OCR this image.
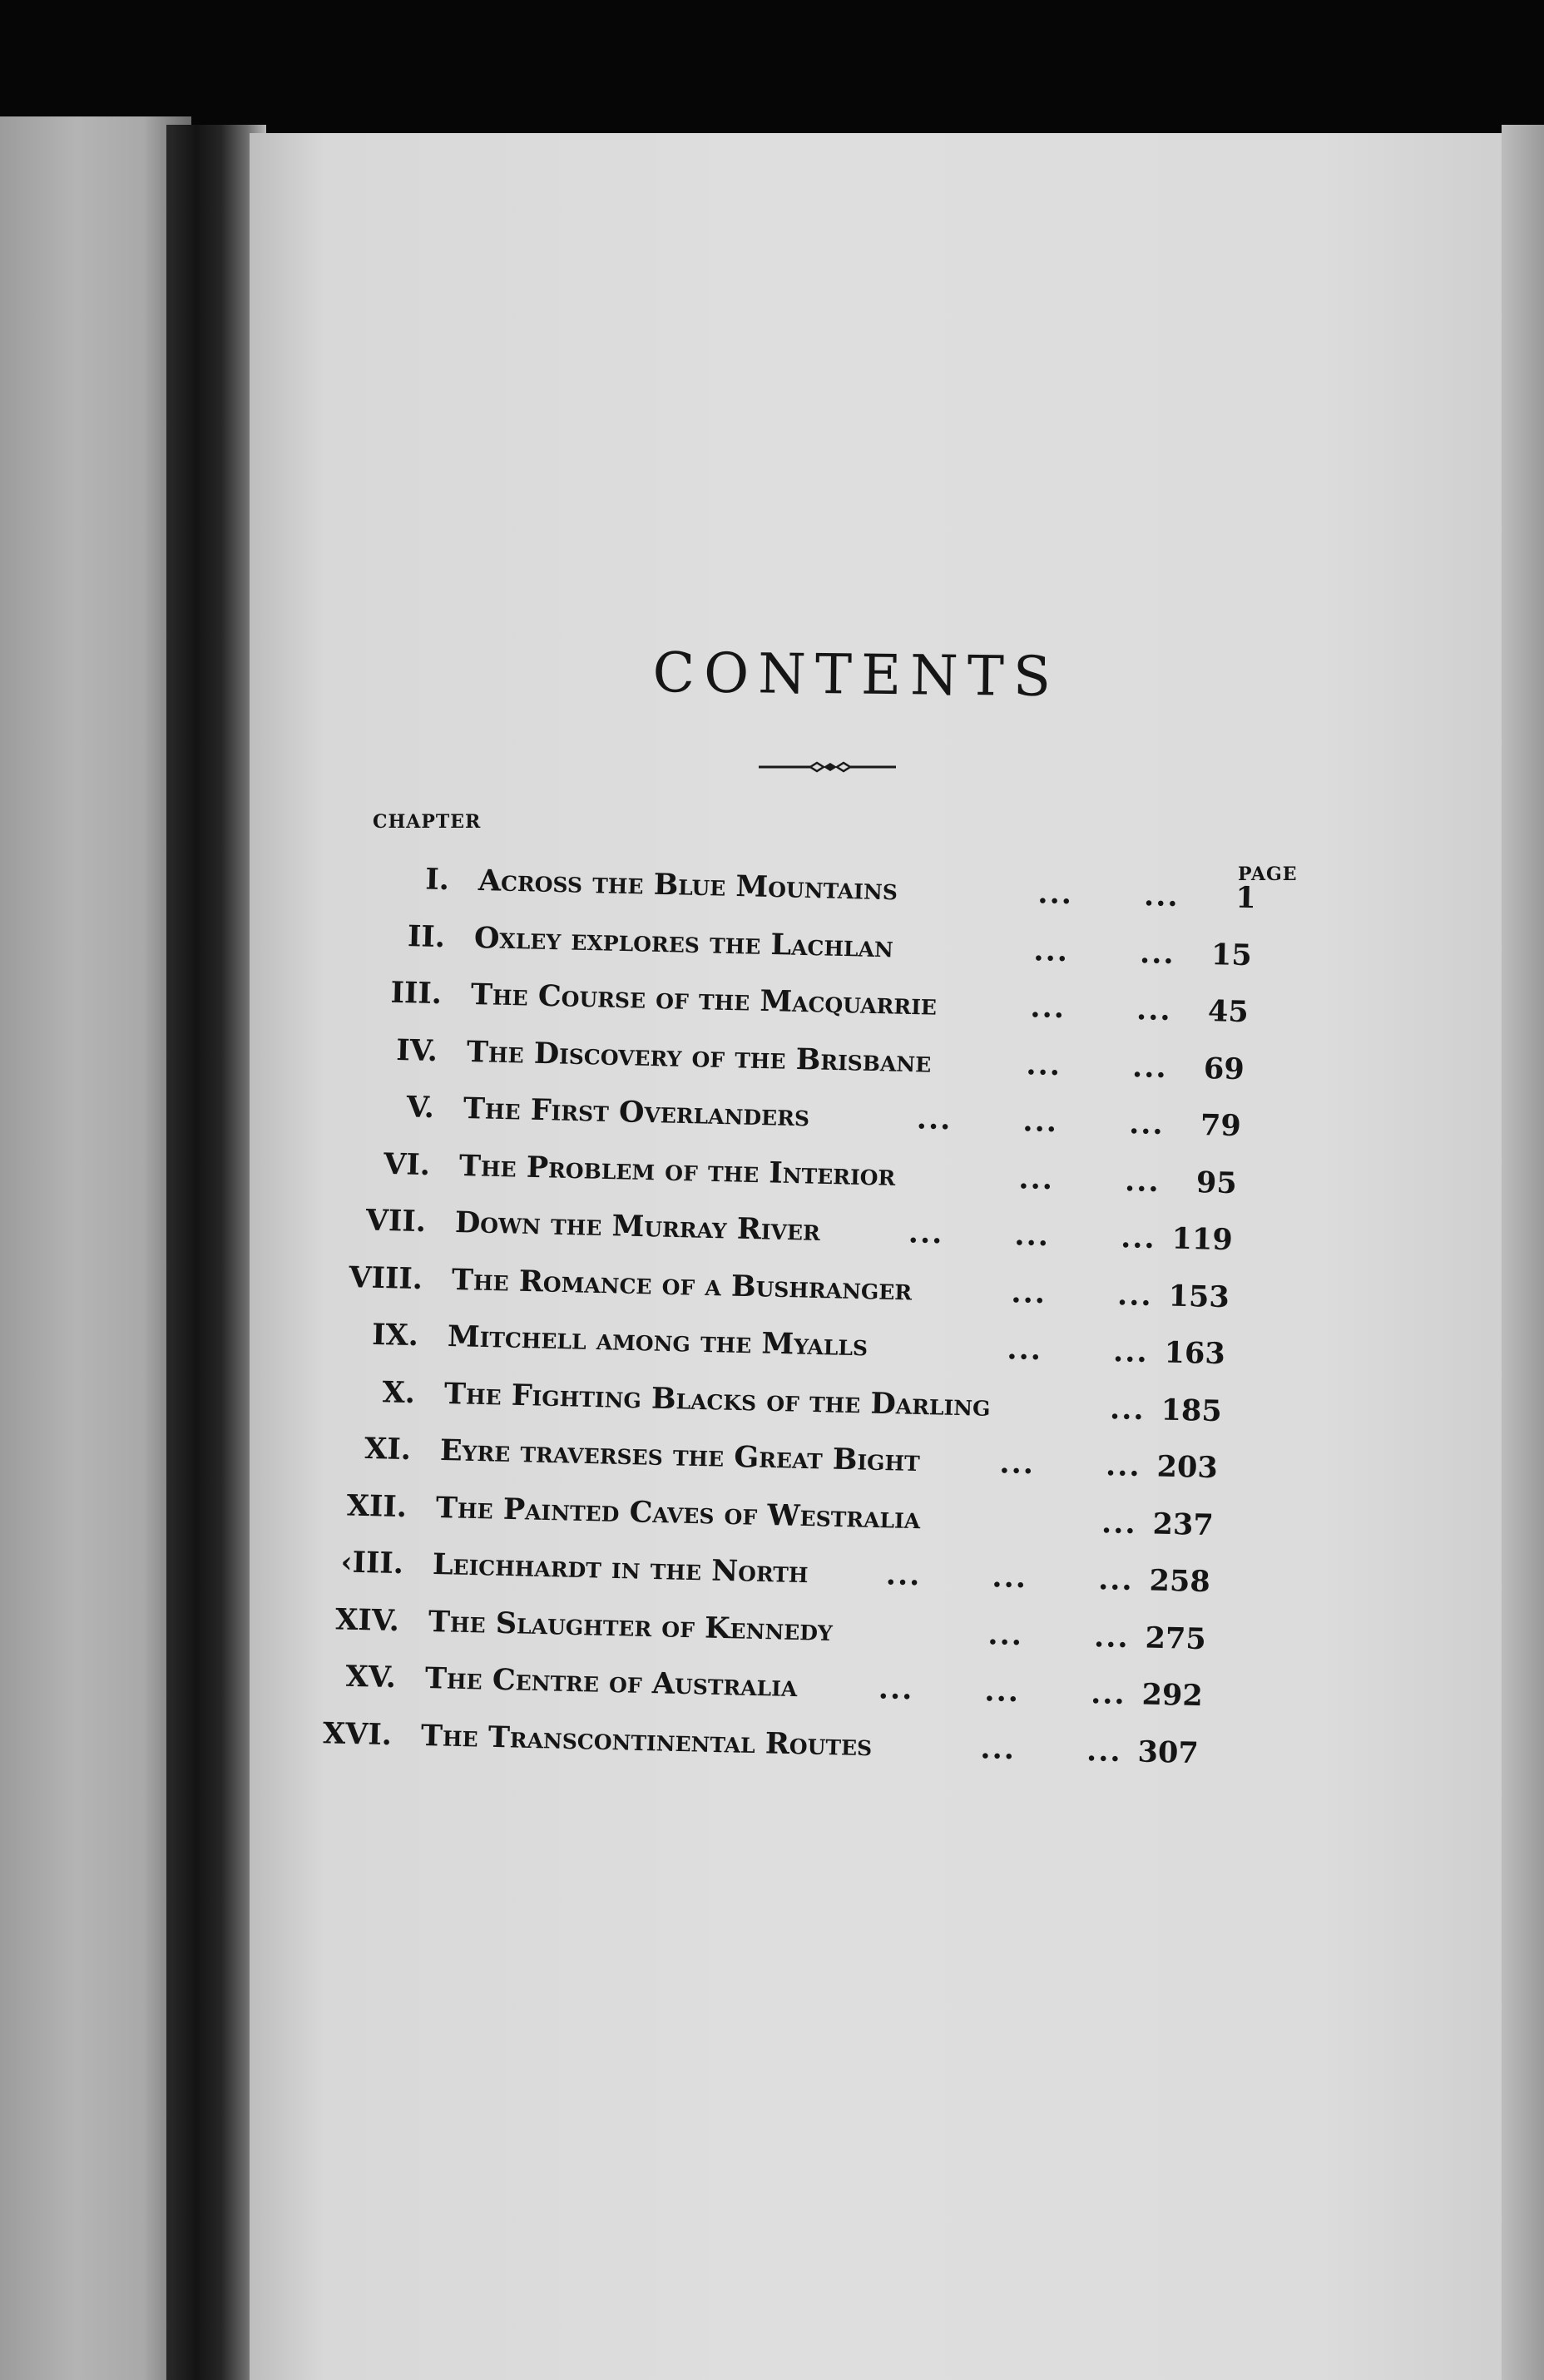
CONTENTS
CHAPTER
PAGE
I. Across the Blue Mountains	...      ...	1
II. Oxley explores the Lachlan	...      ...	15
III. The Course of the Macquarrie	...      ...	45
IV. The Discovery of the Brisbane	...      ...	69
V. The First Overlanders	...      ...      ...	79
VI. The Problem of the Interior	...      ...	95
VII. Down the Murray River	...      ...      ... 119
VIII. The Romance of a Bushranger	...      ... 153
IX. Mitchell among the Myalls	...      ... 163
X. The Fighting Blacks of the Darling	... 185
XI. Eyre traverses the Great Bight	...      ... 203
XII. The Painted Caves of Westralia	... 237
‹III. Leichhardt in the North	...      ...      ... 258
XIV. The Slaughter of Kennedy	...      ... 275
XV. The Centre of Australia	...      ...      ... 292
XVI. The Transcontinental Routes	...      ... 307
